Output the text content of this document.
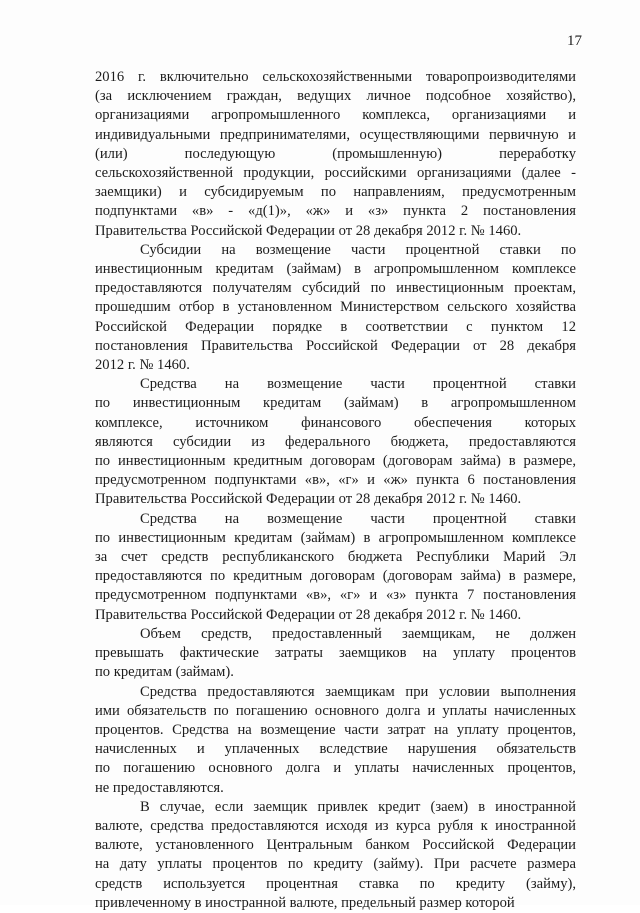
17
2016 г. включительно сельскохозяйственными товаропроизводителями
(за исключением граждан, ведущих личное подсобное хозяйство),
организациями агропромышленного комплекса, организациями и
индивидуальными предпринимателями, осуществляющими первичную и
(или) последующую (промышленную) переработку
сельскохозяйственной продукции, российскими организациями (далее -
заемщики) и субсидируемым по направлениям, предусмотренным
подпунктами «в» - «д(1)», «ж» и «з» пункта 2 постановления
Правительства Российской Федерации от 28 декабря 2012 г. № 1460.
Субсидии на возмещение части процентной ставки по
инвестиционным кредитам (займам) в агропромышленном комплексе
предоставляются получателям субсидий по инвестиционным проектам,
прошедшим отбор в установленном Министерством сельского хозяйства
Российской Федерации порядке в соответствии с пунктом 12
постановления Правительства Российской Федерации от 28 декабря
2012 г. № 1460.
Средства на возмещение части процентной ставки
по инвестиционным кредитам (займам) в агропромышленном
комплексе, источником финансового обеспечения которых
являются субсидии из федерального бюджета, предоставляются
по инвестиционным кредитным договорам (договорам займа) в размере,
предусмотренном подпунктами «в», «г» и «ж» пункта 6 постановления
Правительства Российской Федерации от 28 декабря 2012 г. № 1460.
Средства на возмещение части процентной ставки
по инвестиционным кредитам (займам) в агропромышленном комплексе
за счет средств республиканского бюджета Республики Марий Эл
предоставляются по кредитным договорам (договорам займа) в размере,
предусмотренном подпунктами «в», «г» и «з» пункта 7 постановления
Правительства Российской Федерации от 28 декабря 2012 г. № 1460.
Объем средств, предоставленный заемщикам, не должен
превышать фактические затраты заемщиков на уплату процентов
по кредитам (займам).
Средства предоставляются заемщикам при условии выполнения
ими обязательств по погашению основного долга и уплаты начисленных
процентов. Средства на возмещение части затрат на уплату процентов,
начисленных и уплаченных вследствие нарушения обязательств
по погашению основного долга и уплаты начисленных процентов,
не предоставляются.
В случае, если заемщик привлек кредит (заем) в иностранной
валюте, средства предоставляются исходя из курса рубля к иностранной
валюте, установленного Центральным банком Российской Федерации
на дату уплаты процентов по кредиту (займу). При расчете размера
средств используется процентная ставка по кредиту (займу),
привлеченному в иностранной валюте, предельный размер которой
